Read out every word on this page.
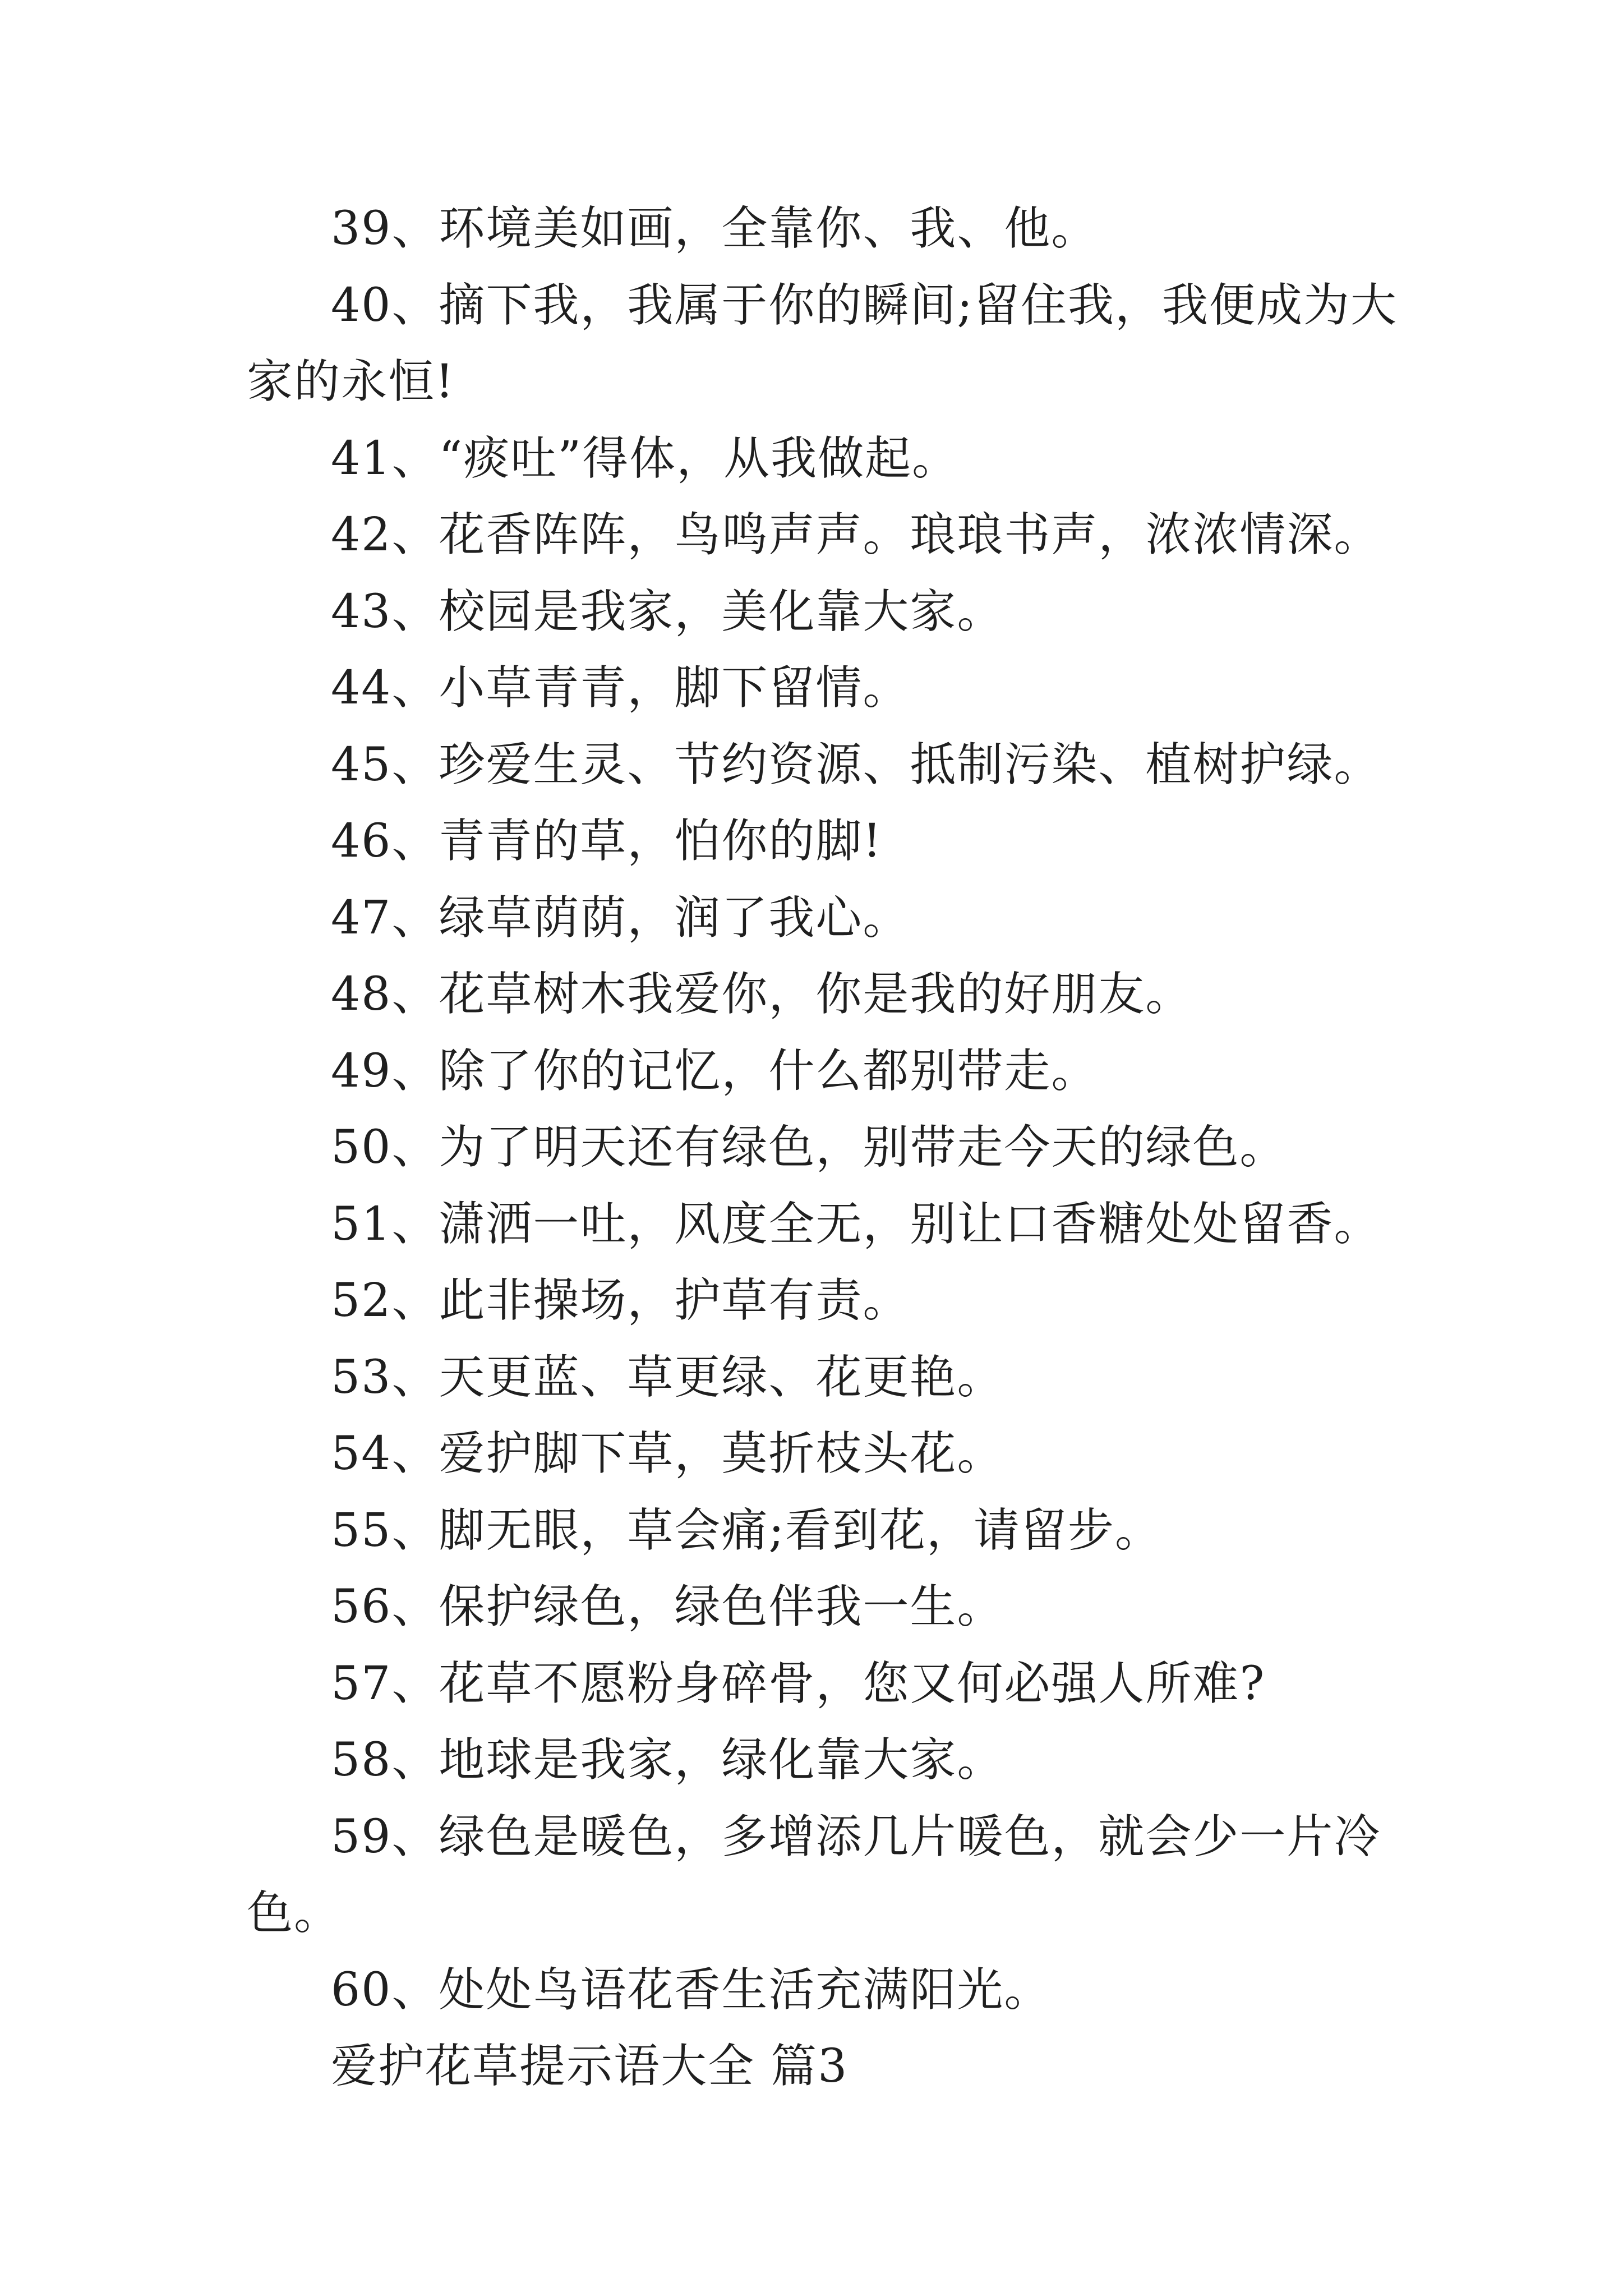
39、环境美如画，全靠你、我、他。

40、摘下我，我属于你的瞬间;留住我，我便成为大家的永恒!

41、“痰吐”得体，从我做起。

42、花香阵阵，鸟鸣声声。琅琅书声，浓浓情深。

43、校园是我家，美化靠大家。

44、小草青青，脚下留情。

45、珍爱生灵、节约资源、抵制污染、植树护绿。

46、青青的草，怕你的脚!

47、绿草荫荫，润了我心。

48、花草树木我爱你，你是我的好朋友。

49、除了你的记忆，什么都别带走。

50、为了明天还有绿色，别带走今天的绿色。

51、潇洒一吐，风度全无，别让口香糖处处留香。

52、此非操场，护草有责。

53、天更蓝、草更绿、花更艳。

54、爱护脚下草，莫折枝头花。

55、脚无眼，草会痛;看到花，请留步。

56、保护绿色，绿色伴我一生。

57、花草不愿粉身碎骨，您又何必强人所难?

58、地球是我家，绿化靠大家。

59、绿色是暖色，多增添几片暖色，就会少一片冷色。

60、处处鸟语花香生活充满阳光。

爱护花草提示语大全 篇3
